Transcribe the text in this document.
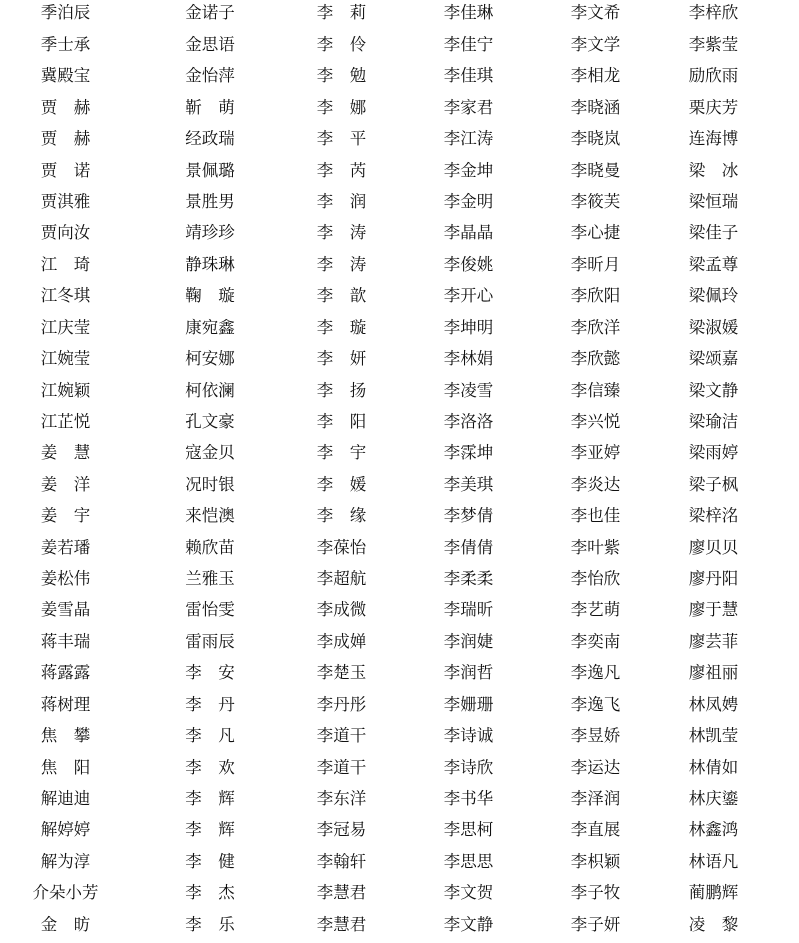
季泊辰	金诺子	李　莉	李佳琳	李文希	李梓欣
季士承	金思语	李　伶	李佳宁	李文学	李紫莹
冀殿宝	金怡萍	李　勉	李佳琪	李相龙	励欣雨
贾　赫	靳　萌	李　娜	李家君	李晓涵	栗庆芳
贾　赫	经政瑞	李　平	李江涛	李晓岚	连海博
贾　诺	景佩璐	李　芮	李金坤	李晓曼	梁　冰
贾淇雅	景胜男	李　润	李金明	李筱芙	梁恒瑞
贾向汝	靖珍珍	李　涛	李晶晶	李心捷	梁佳子
江　琦	静珠琳	李　涛	李俊姚	李昕月	梁孟尊
江冬琪	鞠　璇	李　歆	李开心	李欣阳	梁佩玲
江庆莹	康宛鑫	李　璇	李坤明	李欣洋	梁淑媛
江婉莹	柯安娜	李　妍	李林娟	李欣懿	梁颂嘉
江婉颖	柯依澜	李　扬	李凌雪	李信臻	梁文静
江芷悦	孔文豪	李　阳	李洛洛	李兴悦	梁瑜洁
姜　慧	寇金贝	李　宇	李霂坤	李亚婷	梁雨婷
姜　洋	况时银	李　媛	李美琪	李炎达	梁子枫
姜　宇	来恺澳	李　缘	李梦倩	李也佳	梁梓洺
姜若璠	赖欣苗	李葆怡	李倩倩	李叶紫	廖贝贝
姜松伟	兰雅玉	李超航	李柔柔	李怡欣	廖丹阳
姜雪晶	雷怡雯	李成微	李瑞昕	李艺萌	廖于慧
蒋丰瑞	雷雨辰	李成婵	李润婕	李奕南	廖芸菲
蒋露露	李　安	李楚玉	李润哲	李逸凡	廖祖丽
蒋树理	李　丹	李丹彤	李姗珊	李逸飞	林凤娉
焦　攀	李　凡	李道干	李诗诚	李昱娇	林凯莹
焦　阳	李　欢	李道干	李诗欣	李运达	林倩如
解迪迪	李　辉	李东洋	李书华	李泽润	林庆鎏
解婷婷	李　辉	李冠易	李思柯	李直展	林鑫鸿
解为淳	李　健	李翰轩	李思思	李枳颖	林语凡
介朵小芳	李　杰	李慧君	李文贺	李子牧	蔺鹏辉
金　昉	李　乐	李慧君	李文静	李子妍	凌　黎
